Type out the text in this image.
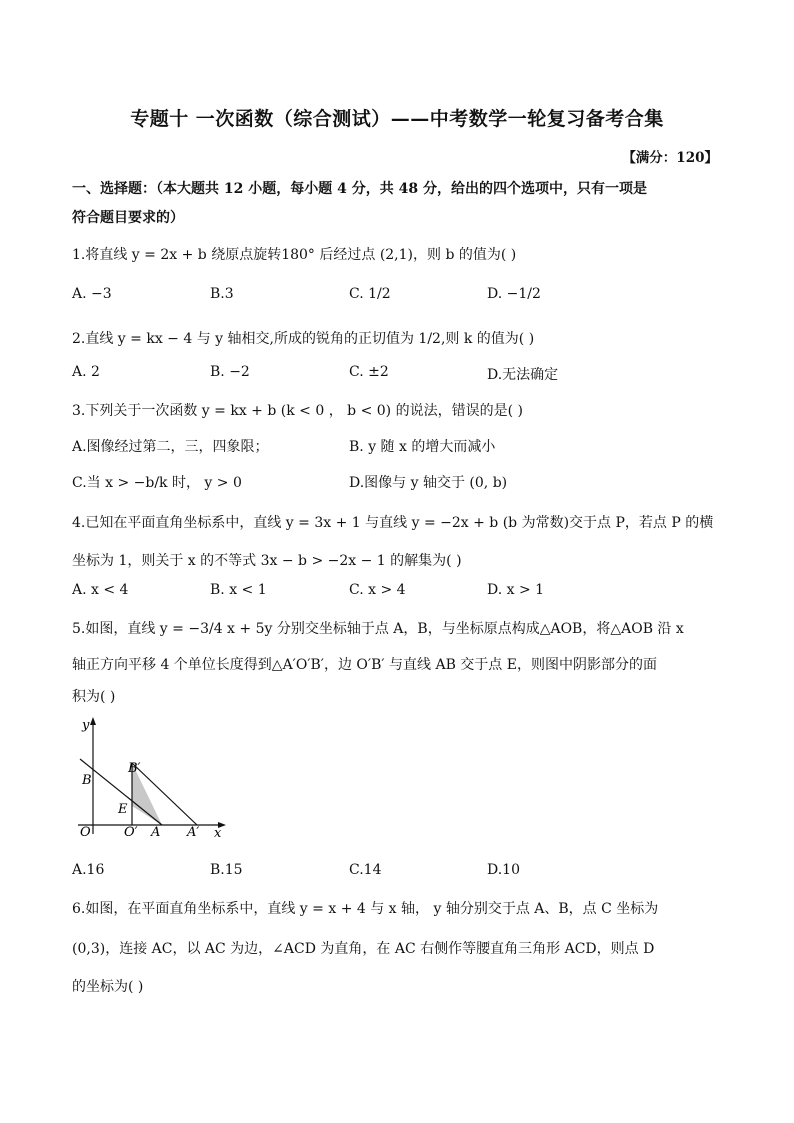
专题十 一次函数（综合测试）——中考数学一轮复习备考合集
【满分：120】
一、选择题：（本大题共 12 小题，每小题 4 分，共 48 分，给出的四个选项中，只有一项是
符合题目要求的）
1.将直线 y = 2x + b 绕原点旋转180° 后经过点 (2,1)，则 b 的值为( )
A. −3	B.3	C. 1/2	D. −1/2
2.直线 y = kx − 4 与 y 轴相交,所成的锐角的正切值为 1/2,则 k 的值为( )
A. 2	B. −2	C. ±2	D.无法确定
3.下列关于一次函数 y = kx + b (k < 0 ， b < 0) 的说法，错误的是( )
A.图像经过第二，三，四象限；	B. y 随 x 的增大而减小
C.当 x > −b/k 时， y > 0	D.图像与 y 轴交于 (0, b)
4.已知在平面直角坐标系中，直线 y = 3x + 1 与直线 y = −2x + b (b 为常数)交于点 P，若点 P 的横
坐标为 1，则关于 x 的不等式 3x − b > −2x − 1 的解集为( )
A. x < 4	B. x < 1	C. x > 4	D. x > 1
5.如图，直线 y = −3/4 x + 5y 分别交坐标轴于点 A，B，与坐标原点构成△AOB，将△AOB 沿 x
轴正方向平移 4 个单位长度得到△A′O′B′，边 O′B′ 与直线 AB 交于点 E，则图中阴影部分的面
积为( )
y
B
B′
E
O	O′ A A′ x
A.16	B.15	C.14	D.10
6.如图，在平面直角坐标系中，直线 y = x + 4 与 x 轴， y 轴分别交于点 A、B，点 C 坐标为
(0,3)，连接 AC，以 AC 为边，∠ACD 为直角，在 AC 右侧作等腰直角三角形 ACD，则点 D
的坐标为( )
